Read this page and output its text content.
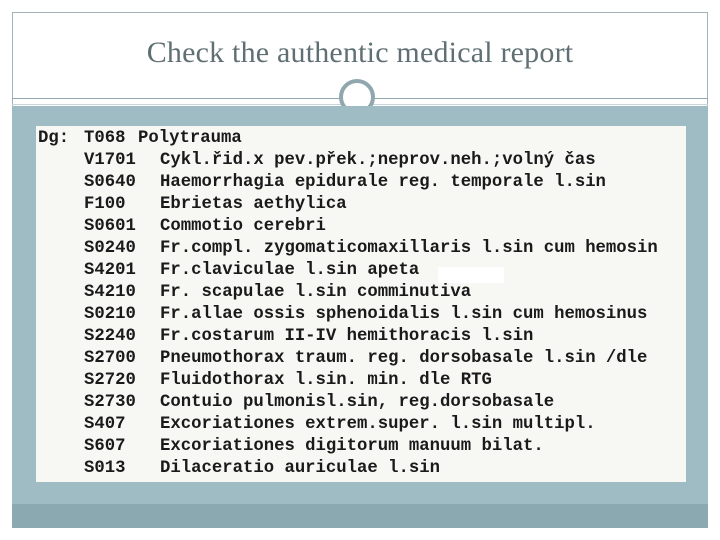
Check the authentic medical report

Dg:

T068

Polytrauma

V1701 Cykl.řid.x pev.přek.;neprov.neh.;volný čas
S0640 Haemorrhagia epidurale reg. temporale l.sin
F100 Ebrietas aethylica
S0601 Commotio cerebri
S0240 Fr.compl. zygomaticomaxillaris l.sin cum hemosin
S4201 Fr.claviculae l.sin apeta
S4210 Fr. scapulae l.sin comminutiva
S0210 Fr.allae ossis sphenoidalis l.sin cum hemosinus
S2240 Fr.costarum II-IV hemithoracis l.sin
S2700 Pneumothorax traum. reg. dorsobasale l.sin /dle
S2720 Fluidothorax l.sin. min. dle RTG
S2730 Contuio pulmonisl.sin, reg.dorsobasale
S407 Excoriationes extrem.super. l.sin multipl.
S607 Excoriationes digitorum manuum bilat.
S013 Dilaceratio auriculae l.sin
